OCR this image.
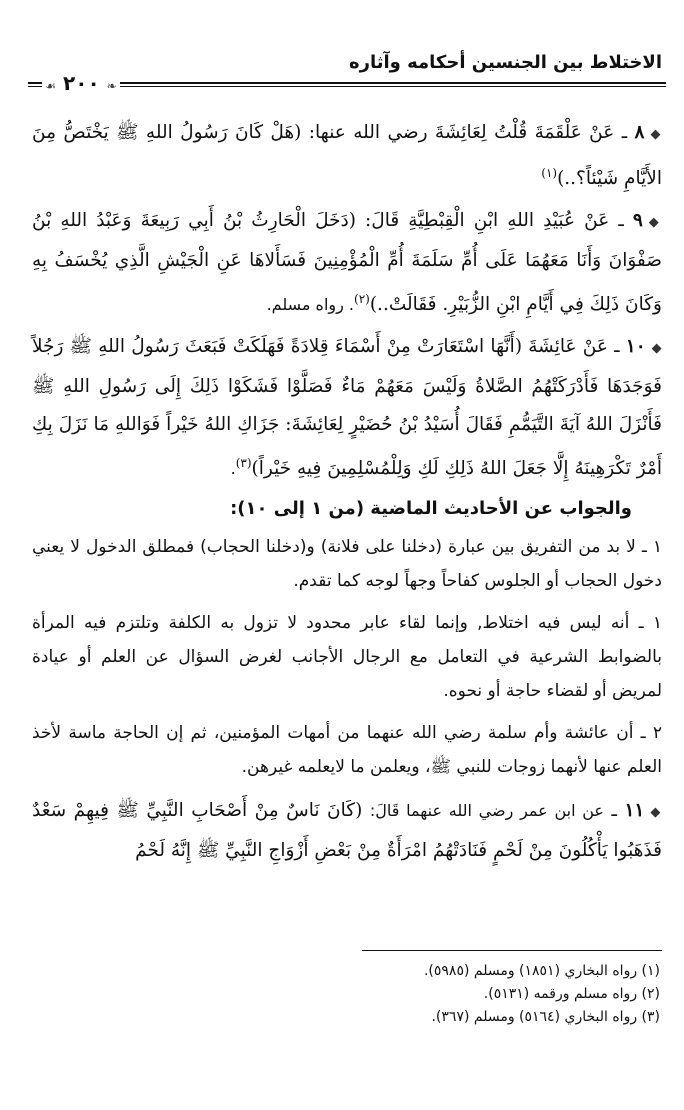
الاختلاط بين الجنسين أحكامه وآثاره
❧ ٢٠٠ ☙

◆٨ ـ عَنْ عَلْقَمَةَ قُلْتُ لِعَائِشَةَ رضي الله عنها: (هَلْ كَانَ رَسُولُ اللهِ ﷺ يَخْتَصُّ مِنَ الأَيَّامِ شَيْئاً؟..)$^{(١)}$

◆٩ ـ عَنْ عُبَيْدِ اللهِ ابْنِ الْقِبْطِيَّةِ قَالَ: (دَخَلَ الْحَارِثُ بْنُ أَبِي رَبِيعَةَ وَعَبْدُ اللهِ بْنُ صَفْوَانَ وَأَنَا مَعَهُمَا عَلَى أُمِّ سَلَمَةَ أُمِّ الْمُؤْمِنِينَ فَسَأَلاهَا عَنِ الْجَيْشِ الَّذِي يُخْسَفُ بِهِ وَكَانَ ذَلِكَ فِي أَيَّامِ ابْنِ الزُّبَيْرِ. فَقَالَتْ..)$^{(٢)}$. رواه مسلم.

◆١٠ ـ عَنْ عَائِشَةَ (أَنَّهَا اسْتَعَارَتْ مِنْ أَسْمَاءَ قِلادَةً فَهَلَكَتْ فَبَعَثَ رَسُولُ اللهِ ﷺ رَجُلاً فَوَجَدَهَا فَأَدْرَكَتْهُمُ الصَّلاةُ وَلَيْسَ مَعَهُمْ مَاءٌ فَصَلَّوْا فَشَكَوْا ذَلِكَ إِلَى رَسُولِ اللهِ ﷺ فَأَنْزَلَ اللهُ آيَةَ التَّيَمُّمِ فَقَالَ أُسَيْدُ بْنُ حُضَيْرٍ لِعَائِشَةَ: جَزَاكِ اللهُ خَيْراً فَوَاللهِ مَا نَزَلَ بِكِ أَمْرٌ تَكْرَهِينَهُ إِلَّا جَعَلَ اللهُ ذَلِكِ لَكِ وَلِلْمُسْلِمِينَ فِيهِ خَيْراً)$^{(٣)}$.

والجواب عن الأحاديث الماضية (من ١ إلى ١٠):

١ ـ لا بد من التفريق بين عبارة (دخلنا على فلانة) و(دخلنا الحجاب) فمطلق الدخول لا يعني دخول الحجاب أو الجلوس كفاحاً وجهاً لوجه كما تقدم.

١ ـ أنه ليس فيه اختلاط, وإنما لقاء عابر محدود لا تزول به الكلفة وتلتزم فيه المرأة بالضوابط الشرعية في التعامل مع الرجال الأجانب لغرض السؤال عن العلم أو عيادة لمريض أو لقضاء حاجة أو نحوه.

٢ ـ أن عائشة وأم سلمة رضي الله عنهما من أمهات المؤمنين، ثم إن الحاجة ماسة لأخذ العلم عنها لأنهما زوجات للنبي ﷺ، ويعلمن ما لايعلمه غيرهن.

◆١١ ـ عن ابن عمر رضي الله عنهما قَالَ: (كَانَ نَاسٌ مِنْ أَصْحَابِ النَّبِيِّ ﷺ فِيهِمْ سَعْدٌ فَذَهَبُوا يَأْكُلُونَ مِنْ لَحْمٍ فَنَادَتْهُمُ امْرَأَةٌ مِنْ بَعْضِ أَزْوَاجِ النَّبِيِّ ﷺ إِنَّهُ لَحْمُ

(١) رواه البخاري (١٨٥١) ومسلم (٥٩٨٥).

(٢) رواه مسلم ورقمه (٥١٣١).

(٣) رواه البخاري (٥١٦٤) ومسلم (٣٦٧).
